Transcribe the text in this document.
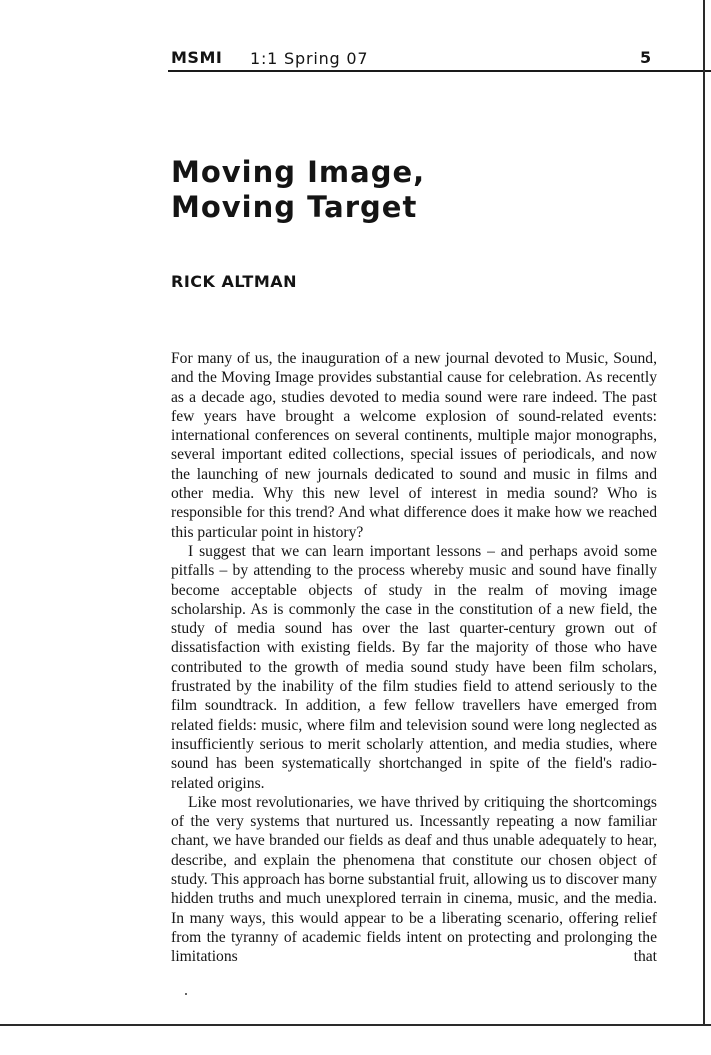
MSMI 1:1 Spring 07	5
Moving Image,
Moving Target
RICK ALTMAN

For many of us, the inauguration of a new journal devoted to Music, Sound, and the Moving Image provides substantial cause for celebration. As recently as a decade ago, studies devoted to media sound were rare indeed. The past few years have brought a welcome explosion of sound-related events: international conferences on several continents, multiple major monographs, several important edited collections, special issues of periodicals, and now the launching of new journals dedicated to sound and music in films and other media. Why this new level of interest in media sound? Who is responsible for this trend? And what difference does it make how we reached this particular point in history?

I suggest that we can learn important lessons – and perhaps avoid some pitfalls – by attending to the process whereby music and sound have finally become acceptable objects of study in the realm of moving image scholarship. As is commonly the case in the constitution of a new field, the study of media sound has over the last quarter-century grown out of dissatisfaction with existing fields. By far the majority of those who have contributed to the growth of media sound study have been film scholars, frustrated by the inability of the film studies field to attend seriously to the film soundtrack. In addition, a few fellow travellers have emerged from related fields: music, where film and television sound were long neglected as insufficiently serious to merit scholarly attention, and media studies, where sound has been systematically shortchanged in spite of the field's radio-related origins.

Like most revolutionaries, we have thrived by critiquing the shortcomings of the very systems that nurtured us. Incessantly repeating a now familiar chant, we have branded our fields as deaf and thus unable adequately to hear, describe, and explain the phenomena that constitute our chosen object of study. This approach has borne substantial fruit, allowing us to discover many hidden truths and much unexplored terrain in cinema, music, and the media. In many ways, this would appear to be a liberating scenario, offering relief from the tyranny of academic fields intent on protecting and prolonging the limitations that
